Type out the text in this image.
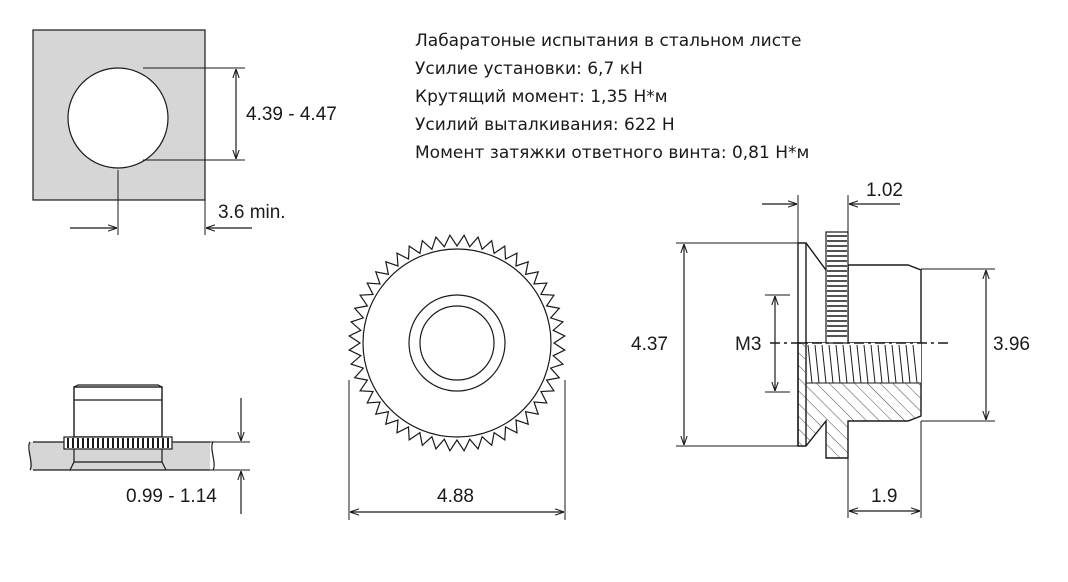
4.39 - 4.47
3.6 min.
Лабаратоные испытания в стальном листе
Усилие установки: 6,7 кН
Крутящий момент: 1,35 Н*м
Усилий выталкивания: 622 Н
Момент затяжки ответного винта: 0,81 Н*м
0.99 - 1.14	4.88
1.02
4.37	M3	3.96
1.9
